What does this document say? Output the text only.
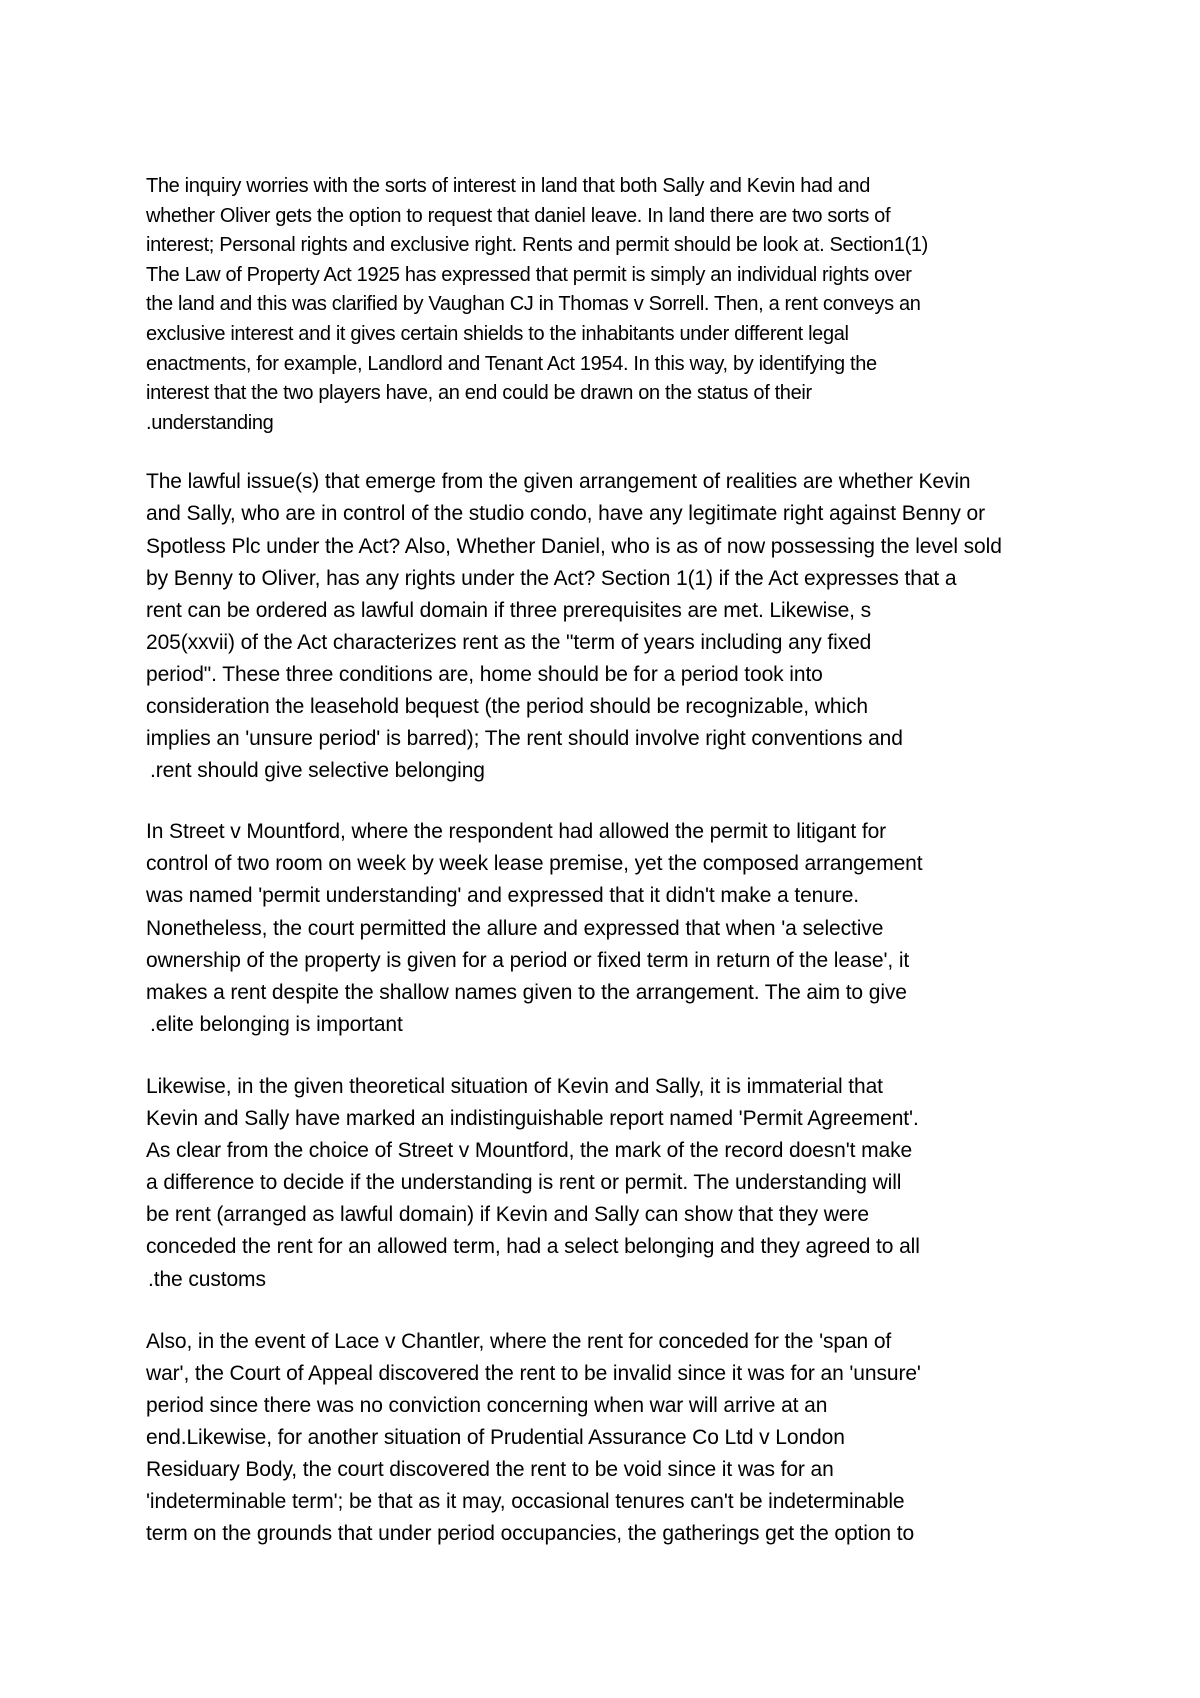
The inquiry worries with the sorts of interest in land that both Sally and Kevin had and
whether Oliver gets the option to request that daniel leave. In land there are two sorts of
interest; Personal rights and exclusive right. Rents and permit should be look at. Section1(1)
The Law of Property Act 1925 has expressed that permit is simply an individual rights over
the land and this was clarified by Vaughan CJ in Thomas v Sorrell. Then, a rent conveys an
exclusive interest and it gives certain shields to the inhabitants under different legal
enactments, for example, Landlord and Tenant Act 1954. In this way, by identifying the
interest that the two players have, an end could be drawn on the status of their
.understanding
The lawful issue(s) that emerge from the given arrangement of realities are whether Kevin
and Sally, who are in control of the studio condo, have any legitimate right against Benny or
Spotless Plc under the Act? Also, Whether Daniel, who is as of now possessing the level sold
by Benny to Oliver, has any rights under the Act? Section 1(1) if the Act expresses that a
rent can be ordered as lawful domain if three prerequisites are met. Likewise, s
205(xxvii) of the Act characterizes rent as the "term of years including any fixed
period". These three conditions are, home should be for a period took into
consideration the leasehold bequest (the period should be recognizable, which
implies an 'unsure period' is barred); The rent should involve right conventions and
.rent should give selective belonging
In Street v Mountford, where the respondent had allowed the permit to litigant for
control of two room on week by week lease premise, yet the composed arrangement
was named 'permit understanding' and expressed that it didn't make a tenure.
Nonetheless, the court permitted the allure and expressed that when 'a selective
ownership of the property is given for a period or fixed term in return of the lease', it
makes a rent despite the shallow names given to the arrangement. The aim to give
.elite belonging is important
Likewise, in the given theoretical situation of Kevin and Sally, it is immaterial that
Kevin and Sally have marked an indistinguishable report named 'Permit Agreement'.
As clear from the choice of Street v Mountford, the mark of the record doesn't make
a difference to decide if the understanding is rent or permit. The understanding will
be rent (arranged as lawful domain) if Kevin and Sally can show that they were
conceded the rent for an allowed term, had a select belonging and they agreed to all
.the customs
Also, in the event of Lace v Chantler, where the rent for conceded for the 'span of
war', the Court of Appeal discovered the rent to be invalid since it was for an 'unsure'
period since there was no conviction concerning when war will arrive at an
end.Likewise, for another situation of Prudential Assurance Co Ltd v London
Residuary Body, the court discovered the rent to be void since it was for an
'indeterminable term'; be that as it may, occasional tenures can't be indeterminable
term on the grounds that under period occupancies, the gatherings get the option to
